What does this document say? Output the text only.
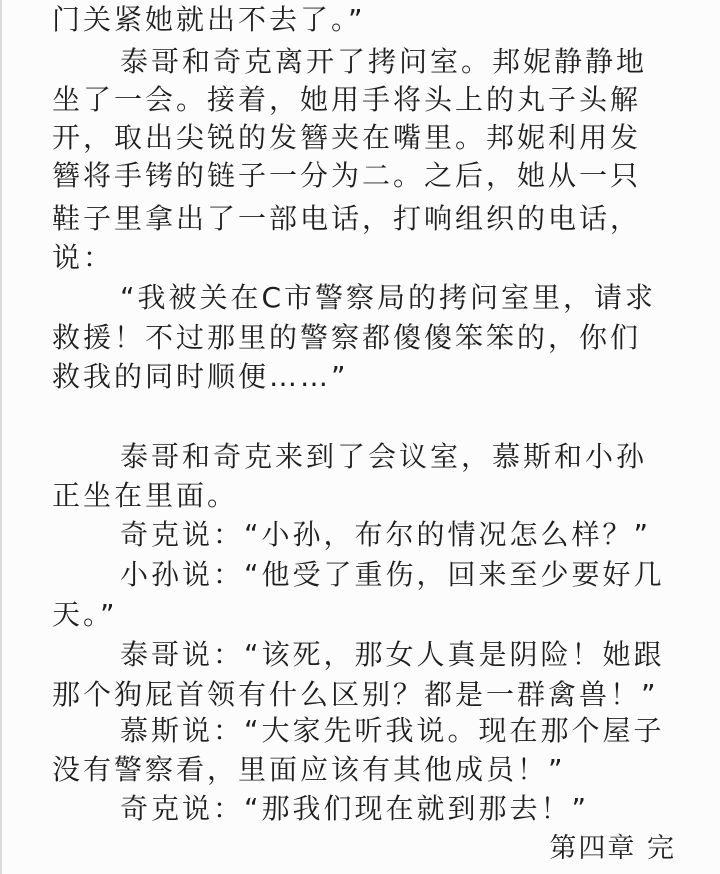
门关紧她就出不去了。”
泰哥和奇克离开了拷问室。邦妮静静地
坐了一会。接着，她用手将头上的丸子头解
开，取出尖锐的发簪夹在嘴里。邦妮利用发
簪将手铐的链子一分为二。之后，她从一只
鞋子里拿出了一部电话，打响组织的电话，
说：
“我被关在C市警察局的拷问室里，请求
救援！不过那里的警察都傻傻笨笨的，你们
救我的同时顺便……”
泰哥和奇克来到了会议室，慕斯和小孙
正坐在里面。
奇克说：“小孙，布尔的情况怎么样？”
小孙说：“他受了重伤，回来至少要好几
天。”
泰哥说：“该死，那女人真是阴险！她跟
那个狗屁首领有什么区别？都是一群禽兽！”
慕斯说：“大家先听我说。现在那个屋子
没有警察看，里面应该有其他成员！”
奇克说：“那我们现在就到那去！”
第四章 完
